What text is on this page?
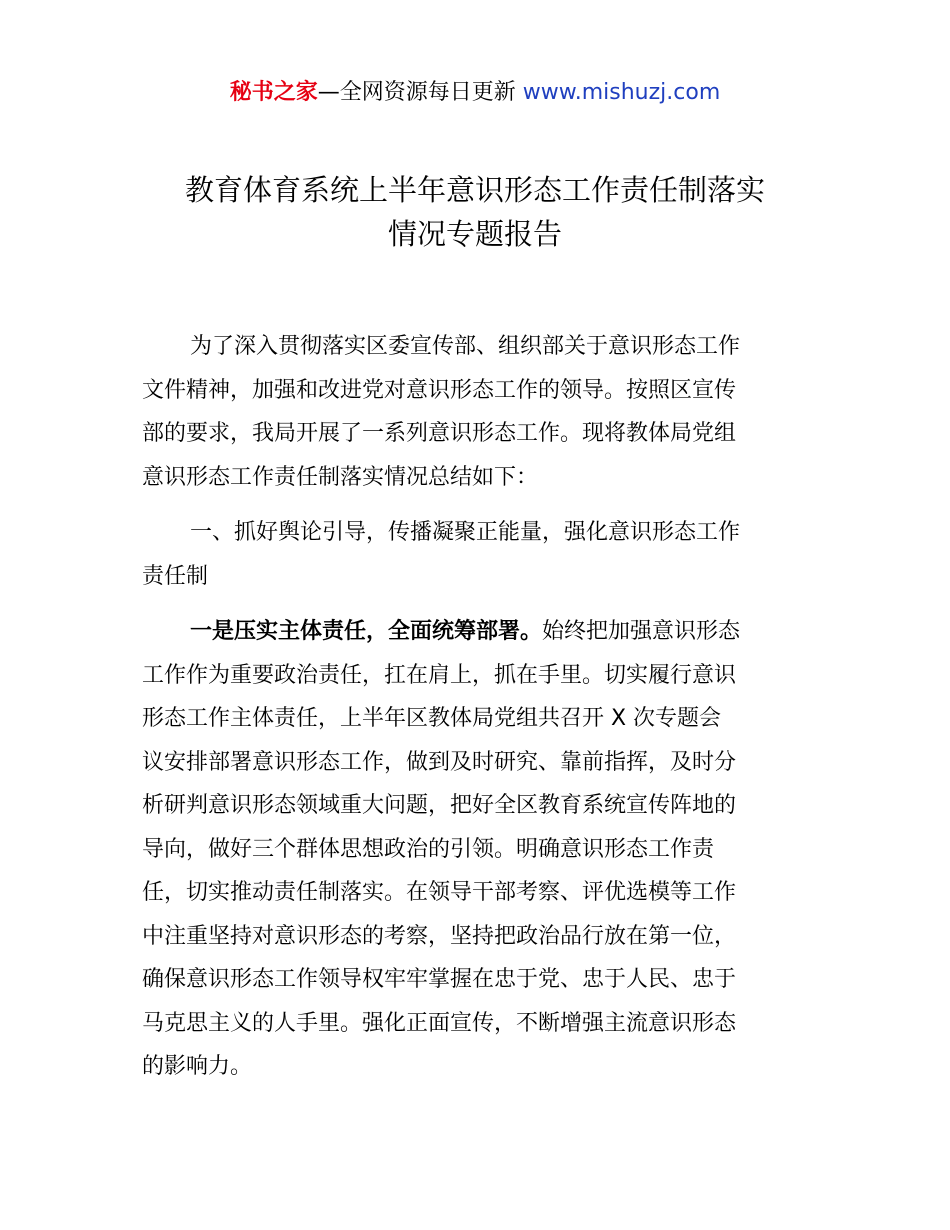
秘书之家—全网资源每日更新 www.mishuzj.com
教育体育系统上半年意识形态工作责任制落实
情况专题报告
为了深入贯彻落实区委宣传部、组织部关于意识形态工作
文件精神，加强和改进党对意识形态工作的领导。按照区宣传
部的要求，我局开展了一系列意识形态工作。现将教体局党组
意识形态工作责任制落实情况总结如下：
一、抓好舆论引导，传播凝聚正能量，强化意识形态工作
责任制
一是压实主体责任，全面统筹部署。始终把加强意识形态
工作作为重要政治责任，扛在肩上，抓在手里。切实履行意识
形态工作主体责任，上半年区教体局党组共召开 X 次专题会
议安排部署意识形态工作，做到及时研究、靠前指挥，及时分
析研判意识形态领域重大问题，把好全区教育系统宣传阵地的
导向，做好三个群体思想政治的引领。明确意识形态工作责
任，切实推动责任制落实。在领导干部考察、评优选模等工作
中注重坚持对意识形态的考察，坚持把政治品行放在第一位，
确保意识形态工作领导权牢牢掌握在忠于党、忠于人民、忠于
马克思主义的人手里。强化正面宣传，不断增强主流意识形态
的影响力。
